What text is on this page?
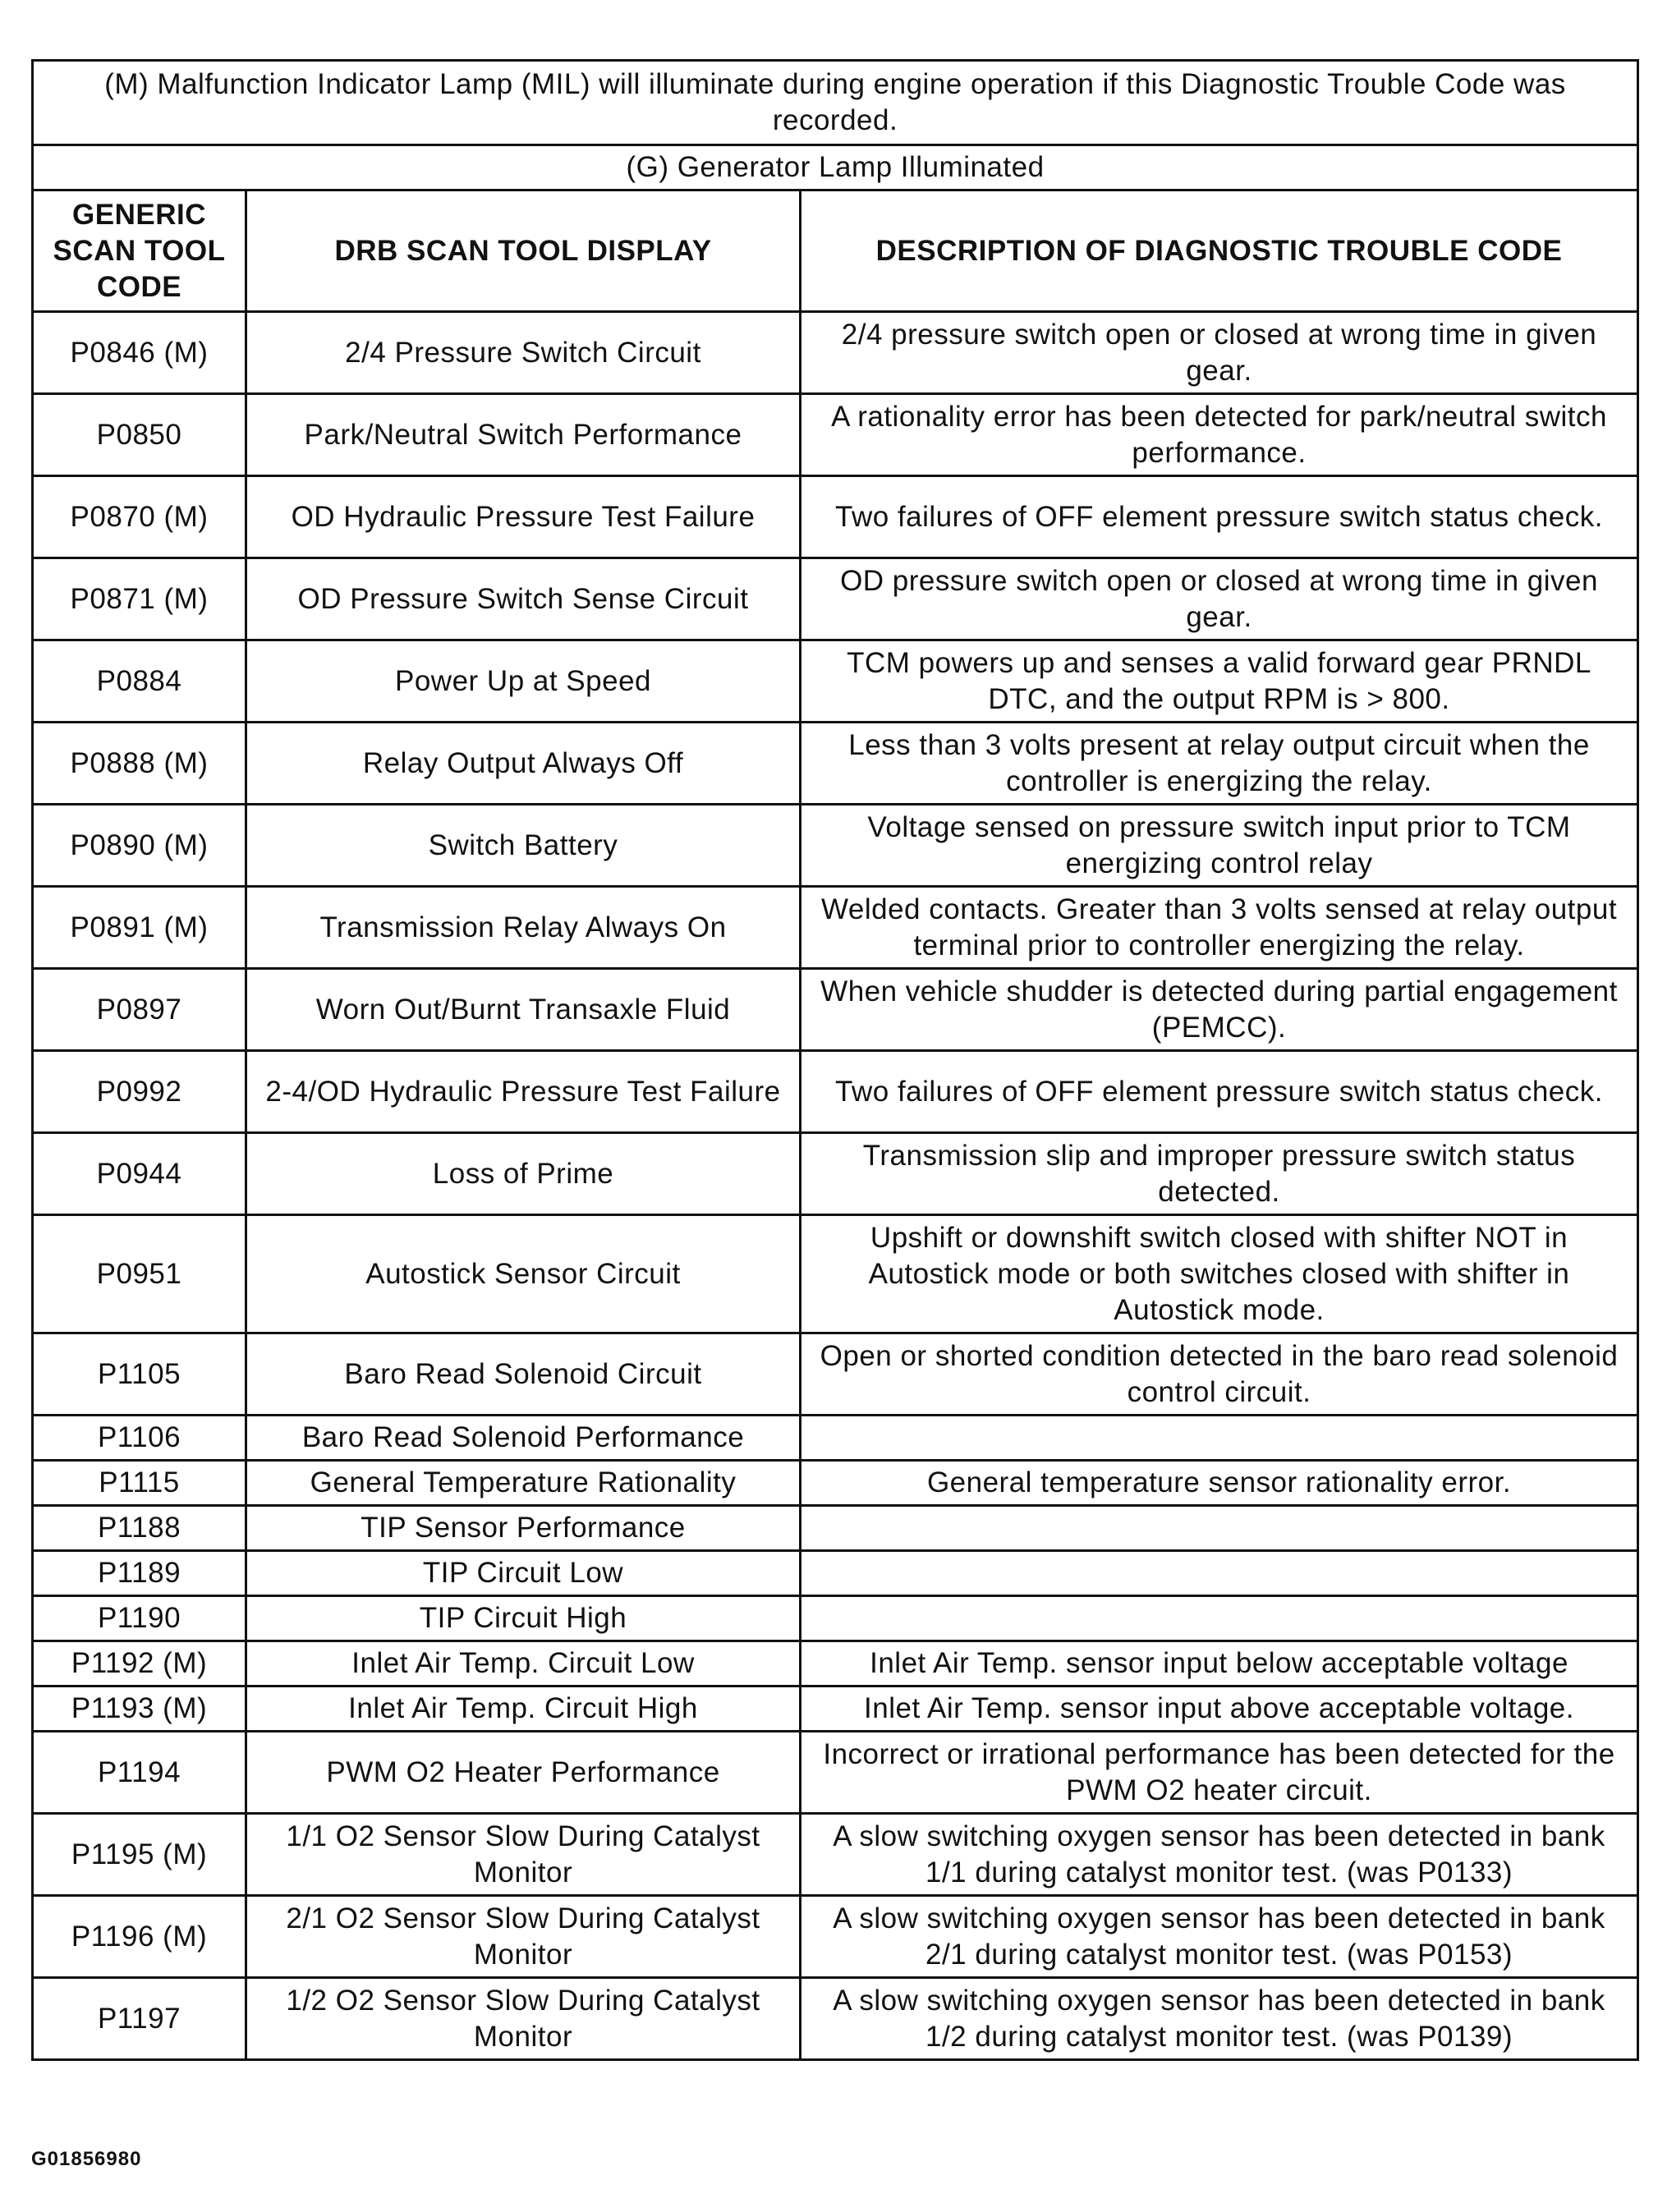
(M) Malfunction Indicator Lamp (MIL) will illuminate during engine operation if this Diagnostic Trouble Code was recorded.		
(G) Generator Lamp Illuminated		
GENERIC SCAN TOOL CODE	DRB SCAN TOOL DISPLAY	DESCRIPTION OF DIAGNOSTIC TROUBLE CODE
P0846 (M)	2/4 Pressure Switch Circuit	2/4 pressure switch open or closed at wrong time in given gear.
P0850	Park/Neutral Switch Performance	A rationality error has been detected for park/neutral switch performance.
P0870 (M)	OD Hydraulic Pressure Test Failure	Two failures of OFF element pressure switch status check.
P0871 (M)	OD Pressure Switch Sense Circuit	OD pressure switch open or closed at wrong time in given gear.
P0884	Power Up at Speed	TCM powers up and senses a valid forward gear PRNDL DTC, and the output RPM is > 800.
P0888 (M)	Relay Output Always Off	Less than 3 volts present at relay output circuit when the controller is energizing the relay.
P0890 (M)	Switch Battery	Voltage sensed on pressure switch input prior to TCM energizing control relay
P0891 (M)	Transmission Relay Always On	Welded contacts. Greater than 3 volts sensed at relay output terminal prior to controller energizing the relay.
P0897	Worn Out/Burnt Transaxle Fluid	When vehicle shudder is detected during partial engagement (PEMCC).
P0992	2-4/OD Hydraulic Pressure Test Failure	Two failures of OFF element pressure switch status check.
P0944	Loss of Prime	Transmission slip and improper pressure switch status detected.
P0951	Autostick Sensor Circuit	Upshift or downshift switch closed with shifter NOT in Autostick mode or both switches closed with shifter in Autostick mode.
P1105	Baro Read Solenoid Circuit	Open or shorted condition detected in the baro read solenoid control circuit.
P1106	Baro Read Solenoid Performance	
P1115	General Temperature Rationality	General temperature sensor rationality error.
P1188	TIP Sensor Performance	
P1189	TIP Circuit Low	
P1190	TIP Circuit High	
P1192 (M)	Inlet Air Temp. Circuit Low	Inlet Air Temp. sensor input below acceptable voltage
P1193 (M)	Inlet Air Temp. Circuit High	Inlet Air Temp. sensor input above acceptable voltage.
P1194	PWM O2 Heater Performance	Incorrect or irrational performance has been detected for the PWM O2 heater circuit.
P1195 (M)	1/1 O2 Sensor Slow During Catalyst Monitor	A slow switching oxygen sensor has been detected in bank 1/1 during catalyst monitor test. (was P0133)
P1196 (M)	2/1 O2 Sensor Slow During Catalyst Monitor	A slow switching oxygen sensor has been detected in bank 2/1 during catalyst monitor test. (was P0153)
P1197	1/2 O2 Sensor Slow During Catalyst Monitor	A slow switching oxygen sensor has been detected in bank 1/2 during catalyst monitor test. (was P0139)
G01856980
